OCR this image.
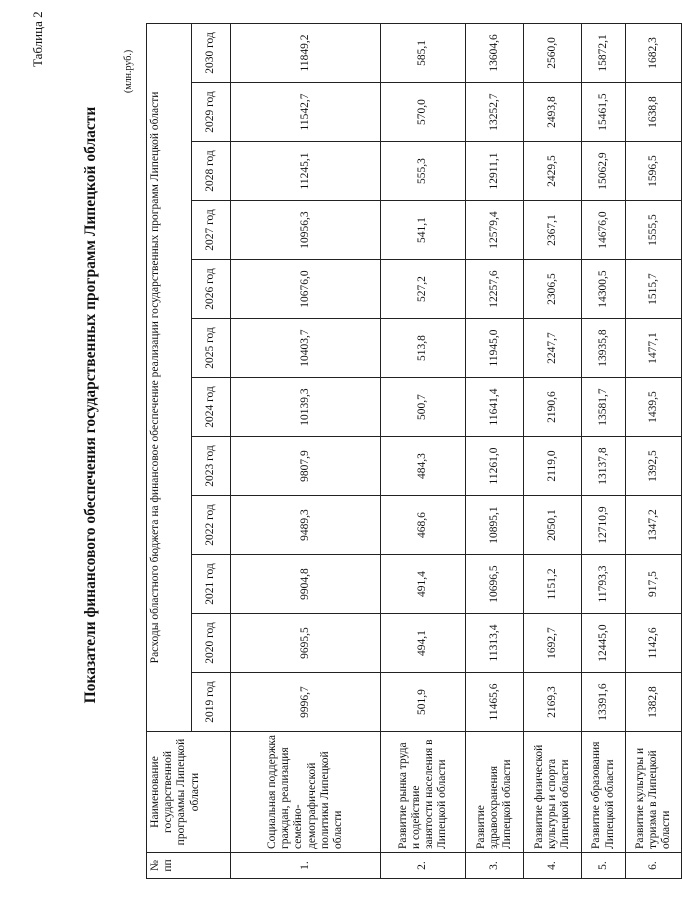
Таблица 2
Показатели финансового обеспечения государственных программ Липецкой области
(млн.руб.)
№ пп	Наименование государственной программы Липецкой области	Расходы областного бюджета на финансовое обеспечение реализации государственных программ Липецкой области											
		2019 год	2020 год	2021 год	2022 год	2023 год	2024 год	2025 год	2026 год	2027 год	2028 год	2029 год	2030 год
1.	Социальная поддержка граждан, реализация семейно-демографической политики Липецкой области	9996,7	9695,5	9904,8	9489,3	9807,9	10139,3	10403,7	10676,0	10956,3	11245,1	11542,7	11849,2
2.	Развитие рынка труда и содействие занятости населения в Липецкой области	501,9	494,1	491,4	468,6	484,3	500,7	513,8	527,2	541,1	555,3	570,0	585,1
3.	Развитие здравоохранения Липецкой области	11465,6	11313,4	10696,5	10895,1	11261,0	11641,4	11945,0	12257,6	12579,4	12911,1	13252,7	13604,6
4.	Развитие физической культуры и спорта Липецкой области	2169,3	1692,7	1151,2	2050,1	2119,0	2190,6	2247,7	2306,5	2367,1	2429,5	2493,8	2560,0
5.	Развитие образования Липецкой области	13391,6	12445,0	11793,3	12710,9	13137,8	13581,7	13935,8	14300,5	14676,0	15062,9	15461,5	15872,1
6.	Развитие культуры и туризма в Липецкой области	1382,8	1142,6	917,5	1347,2	1392,5	1439,5	1477,1	1515,7	1555,5	1596,5	1638,8	1682,3
